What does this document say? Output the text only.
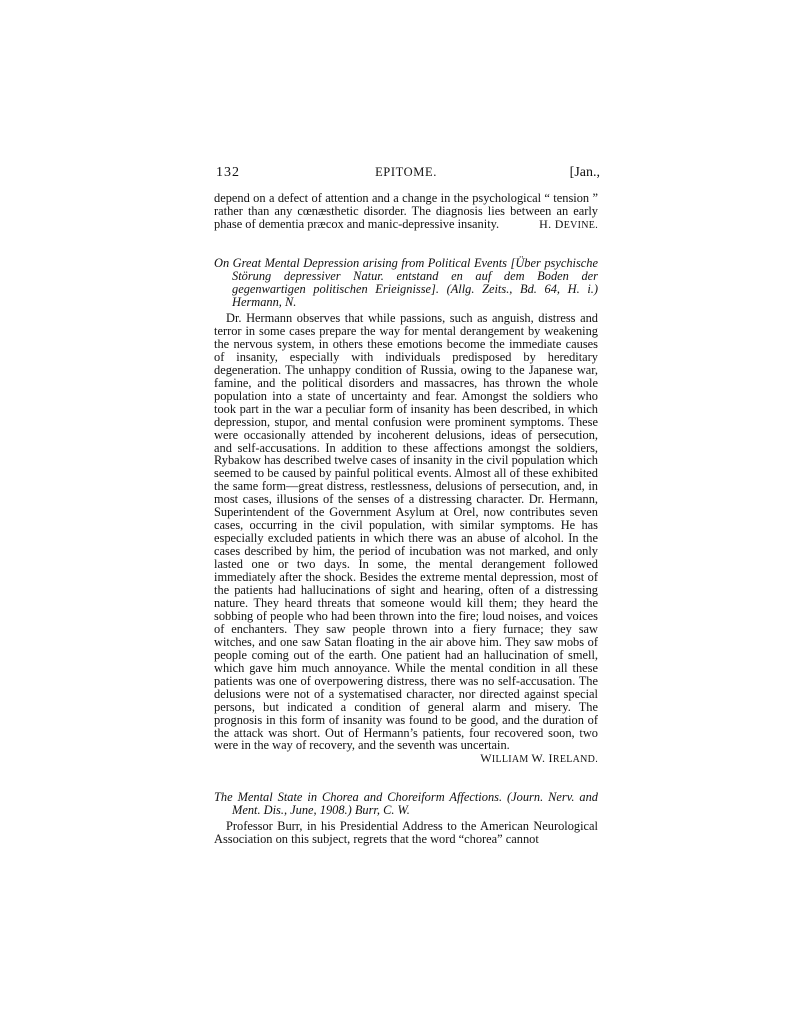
132	EPITOME.	[Jan.,

depend on a defect of attention and a change in the psychological “ tension ” rather than any cœnæsthetic disorder. The diagnosis lies between an early phase of dementia præcox and manic-depressive insanity.	H. DEVINE.

On Great Mental Depression arising from Political Events [Über psychische Störung depressiver Natur. entstand en auf dem Boden der gegenwartigen politischen Erieignisse]. (Allg. Zeits., Bd. 64, H. i.) Hermann, N.

Dr. Hermann observes that while passions, such as anguish, distress and terror in some cases prepare the way for mental derangement by weakening the nervous system, in others these emotions become the immediate causes of insanity, especially with individuals predisposed by hereditary degeneration. The unhappy condition of Russia, owing to the Japanese war, famine, and the political disorders and massacres, has thrown the whole population into a state of uncertainty and fear. Amongst the soldiers who took part in the war a peculiar form of insanity has been described, in which depression, stupor, and mental confusion were prominent symptoms. These were occasionally attended by incoherent delusions, ideas of persecution, and self-accusations. In addition to these affections amongst the soldiers, Rybakow has described twelve cases of insanity in the civil population which seemed to be caused by painful political events. Almost all of these exhibited the same form—great distress, restlessness, delusions of persecution, and, in most cases, illusions of the senses of a distressing character. Dr. Hermann, Superintendent of the Government Asylum at Orel, now contributes seven cases, occurring in the civil population, with similar symptoms. He has especially excluded patients in which there was an abuse of alcohol. In the cases described by him, the period of incubation was not marked, and only lasted one or two days. In some, the mental derangement followed immediately after the shock. Besides the extreme mental depression, most of the patients had hallucinations of sight and hearing, often of a distressing nature. They heard threats that someone would kill them; they heard the sobbing of people who had been thrown into the fire; loud noises, and voices of enchanters. They saw people thrown into a fiery furnace; they saw witches, and one saw Satan floating in the air above him. They saw mobs of people coming out of the earth. One patient had an hallucination of smell, which gave him much annoyance. While the mental condition in all these patients was one of overpowering distress, there was no self-accusation. The delusions were not of a systematised character, nor directed against special persons, but indicated a condition of general alarm and misery. The prognosis in this form of insanity was found to be good, and the duration of the attack was short. Out of Hermann’s patients, four recovered soon, two were in the way of recovery, and the seventh was uncertain.
WILLIAM W. IRELAND.

The Mental State in Chorea and Choreiform Affections. (Journ. Nerv. and Ment. Dis., June, 1908.) Burr, C. W.

Professor Burr, in his Presidential Address to the American Neurological Association on this subject, regrets that the word “chorea” cannot
